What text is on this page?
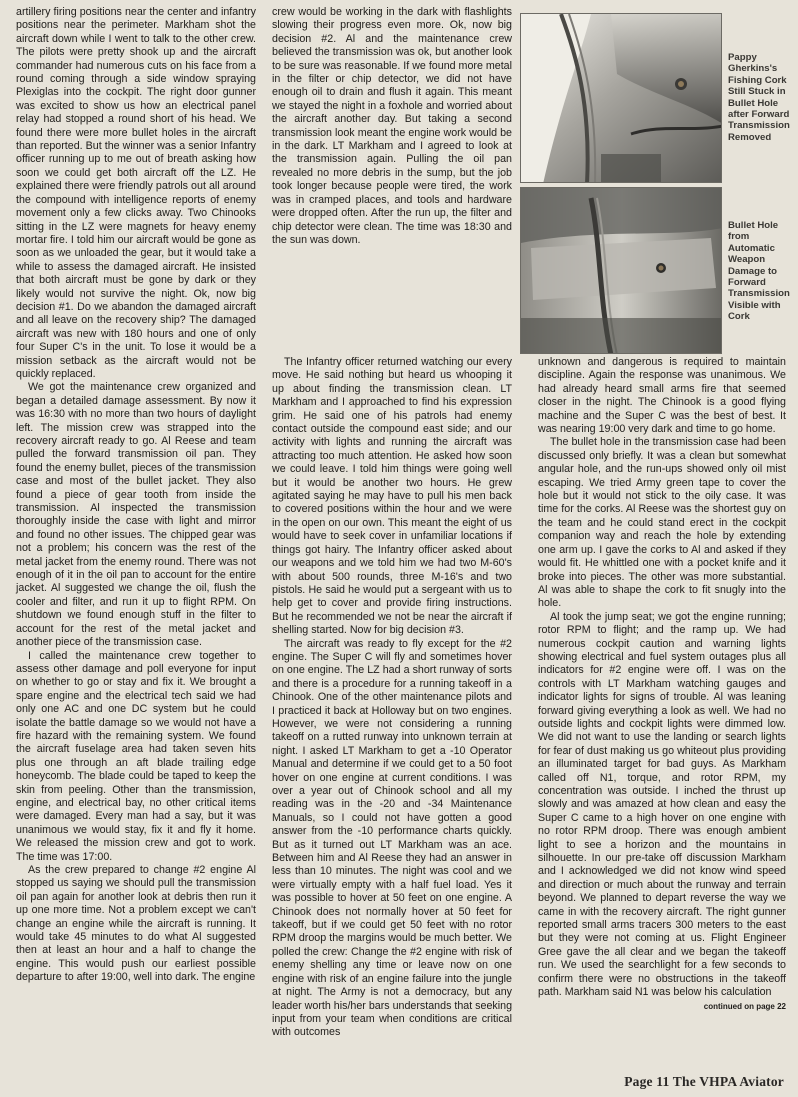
artillery firing positions near the center and infantry positions near the perimeter. Markham shot the aircraft down while I went to talk to the other crew. The pilots were pretty shook up and the aircraft commander had numerous cuts on his face from a round coming through a side window spraying Plexiglas into the cockpit. The right door gunner was excited to show us how an electrical panel relay had stopped a round short of his head. We found there were more bullet holes in the aircraft than reported. But the winner was a senior Infantry officer running up to me out of breath asking how soon we could get both aircraft off the LZ. He explained there were friendly patrols out all around the compound with intelligence reports of enemy movement only a few clicks away. Two Chinooks sitting in the LZ were magnets for heavy enemy mortar fire. I told him our aircraft would be gone as soon as we unloaded the gear, but it would take a while to assess the damaged aircraft. He insisted that both aircraft must be gone by dark or they likely would not survive the night. Ok, now big decision #1. Do we abandon the damaged aircraft and all leave on the recovery ship? The damaged aircraft was new with 180 hours and one of only four Super C's in the unit. To lose it would be a mission setback as the aircraft would not be quickly replaced.

We got the maintenance crew organized and began a detailed damage assessment. By now it was 16:30 with no more than two hours of daylight left. The mission crew was strapped into the recovery aircraft ready to go. Al Reese and team pulled the forward transmission oil pan. They found the enemy bullet, pieces of the transmission case and most of the bullet jacket. They also found a piece of gear tooth from inside the transmission. Al inspected the transmission thoroughly inside the case with light and mirror and found no other issues. The chipped gear was not a problem; his concern was the rest of the metal jacket from the enemy round. There was not enough of it in the oil pan to account for the entire jacket. Al suggested we change the oil, flush the cooler and filter, and run it up to flight RPM. On shutdown we found enough stuff in the filter to account for the rest of the metal jacket and another piece of the transmission case.

I called the maintenance crew together to assess other damage and poll everyone for input on whether to go or stay and fix it. We brought a spare engine and the electrical tech said we had only one AC and one DC system but he could isolate the battle damage so we would not have a fire hazard with the remaining system. We found the aircraft fuselage area had taken seven hits plus one through an aft blade trailing edge honeycomb. The blade could be taped to keep the skin from peeling. Other than the transmission, engine, and electrical bay, no other critical items were damaged. Every man had a say, but it was unanimous we would stay, fix it and fly it home. We released the mission crew and got to work. The time was 17:00.

As the crew prepared to change #2 engine Al stopped us saying we should pull the transmission oil pan again for another look at debris then run it up one more time. Not a problem except we can't change an engine while the aircraft is running. It would take 45 minutes to do what Al suggested then at least an hour and a half to change the engine. This would push our earliest possible departure to after 19:00, well into dark. The engine

crew would be working in the dark with flashlights slowing their progress even more. Ok, now big decision #2. Al and the maintenance crew believed the transmission was ok, but another look to be sure was reasonable. If we found more metal in the filter or chip detector, we did not have enough oil to drain and flush it again. This meant we stayed the night in a foxhole and worried about the aircraft another day. But taking a second transmission look meant the engine work would be in the dark. LT Markham and I agreed to look at the transmission again. Pulling the oil pan revealed no more debris in the sump, but the job took longer because people were tired, the work was in cramped places, and tools and hardware were dropped often. After the run up, the filter and chip detector were clean. The time was 18:30 and the sun was down.

The Infantry officer returned watching our every move. He said nothing but heard us whooping it up about finding the transmission clean. LT Markham and I approached to find his expression grim. He said one of his patrols had enemy contact outside the compound east side; and our activity with lights and running the aircraft was attracting too much attention. He asked how soon we could leave. I told him things were going well but it would be another two hours. He grew agitated saying he may have to pull his men back to covered positions within the hour and we were in the open on our own. This meant the eight of us would have to seek cover in unfamiliar locations if things got hairy. The Infantry officer asked about our weapons and we told him we had two M-60's with about 500 rounds, three M-16's and two pistols. He said he would put a sergeant with us to help get to cover and provide firing instructions. But he recommended we not be near the aircraft if shelling started. Now for big decision #3.

The aircraft was ready to fly except for the #2 engine. The Super C will fly and sometimes hover on one engine. The LZ had a short runway of sorts and there is a procedure for a running takeoff in a Chinook. One of the other maintenance pilots and I practiced it back at Holloway but on two engines. However, we were not considering a running takeoff on a rutted runway into unknown terrain at night. I asked LT Markham to get a -10 Operator Manual and determine if we could get to a 50 foot hover on one engine at current conditions. I was over a year out of Chinook school and all my reading was in the -20 and -34 Maintenance Manuals, so I could not have gotten a good answer from the -10 performance charts quickly. But as it turned out LT Markham was an ace. Between him and Al Reese they had an answer in less than 10 minutes. The night was cool and we were virtually empty with a half fuel load. Yes it was possible to hover at 50 feet on one engine. A Chinook does not normally hover at 50 feet for takeoff, but if we could get 50 feet with no rotor RPM droop the margins would be much better. We polled the crew: Change the #2 engine with risk of enemy shelling any time or leave now on one engine with risk of an engine failure into the jungle at night. The Army is not a democracy, but any leader worth his/her bars understands that seeking input from your team when conditions are critical with outcomes

unknown and dangerous is required to maintain discipline. Again the response was unanimous. We had already heard small arms fire that seemed closer in the night. The Chinook is a good flying machine and the Super C was the best of best. It was nearing 19:00 very dark and time to go home.

The bullet hole in the transmission case had been discussed only briefly. It was a clean but somewhat angular hole, and the run-ups showed only oil mist escaping. We tried Army green tape to cover the hole but it would not stick to the oily case. It was time for the corks. Al Reese was the shortest guy on the team and he could stand erect in the cockpit companion way and reach the hole by extending one arm up. I gave the corks to Al and asked if they would fit. He whittled one with a pocket knife and it broke into pieces. The other was more substantial. Al was able to shape the cork to fit snugly into the hole.

Al took the jump seat; we got the engine running; rotor RPM to flight; and the ramp up. We had numerous cockpit caution and warning lights showing electrical and fuel system outages plus all indicators for #2 engine were off. I was on the controls with LT Markham watching gauges and indicator lights for signs of trouble. Al was leaning forward giving everything a look as well. We had no outside lights and cockpit lights were dimmed low. We did not want to use the landing or search lights for fear of dust making us go whiteout plus providing an illuminated target for bad guys. As Markham called off N1, torque, and rotor RPM, my concentration was outside. I inched the thrust up slowly and was amazed at how clean and easy the Super C came to a high hover on one engine with no rotor RPM droop. There was enough ambient light to see a horizon and the mountains in silhouette. In our pre-take off discussion Markham and I acknowledged we did not know wind speed and direction or much about the runway and terrain beyond. We planned to depart reverse the way we came in with the recovery aircraft. The right gunner reported small arms tracers 300 meters to the east but they were not coming at us. Flight Engineer Gree gave the all clear and we began the takeoff run. We used the searchlight for a few seconds to confirm there were no obstructions in the takeoff path. Markham said N1 was below his calculation

continued on page 22

Pappy Gherkins's Fishing Cork Still Stuck in Bullet Hole after Forward Transmission Removed
Bullet Hole from Automatic Weapon Damage to Forward Transmission Visible with Cork
Page 11 The VHPA Aviator
